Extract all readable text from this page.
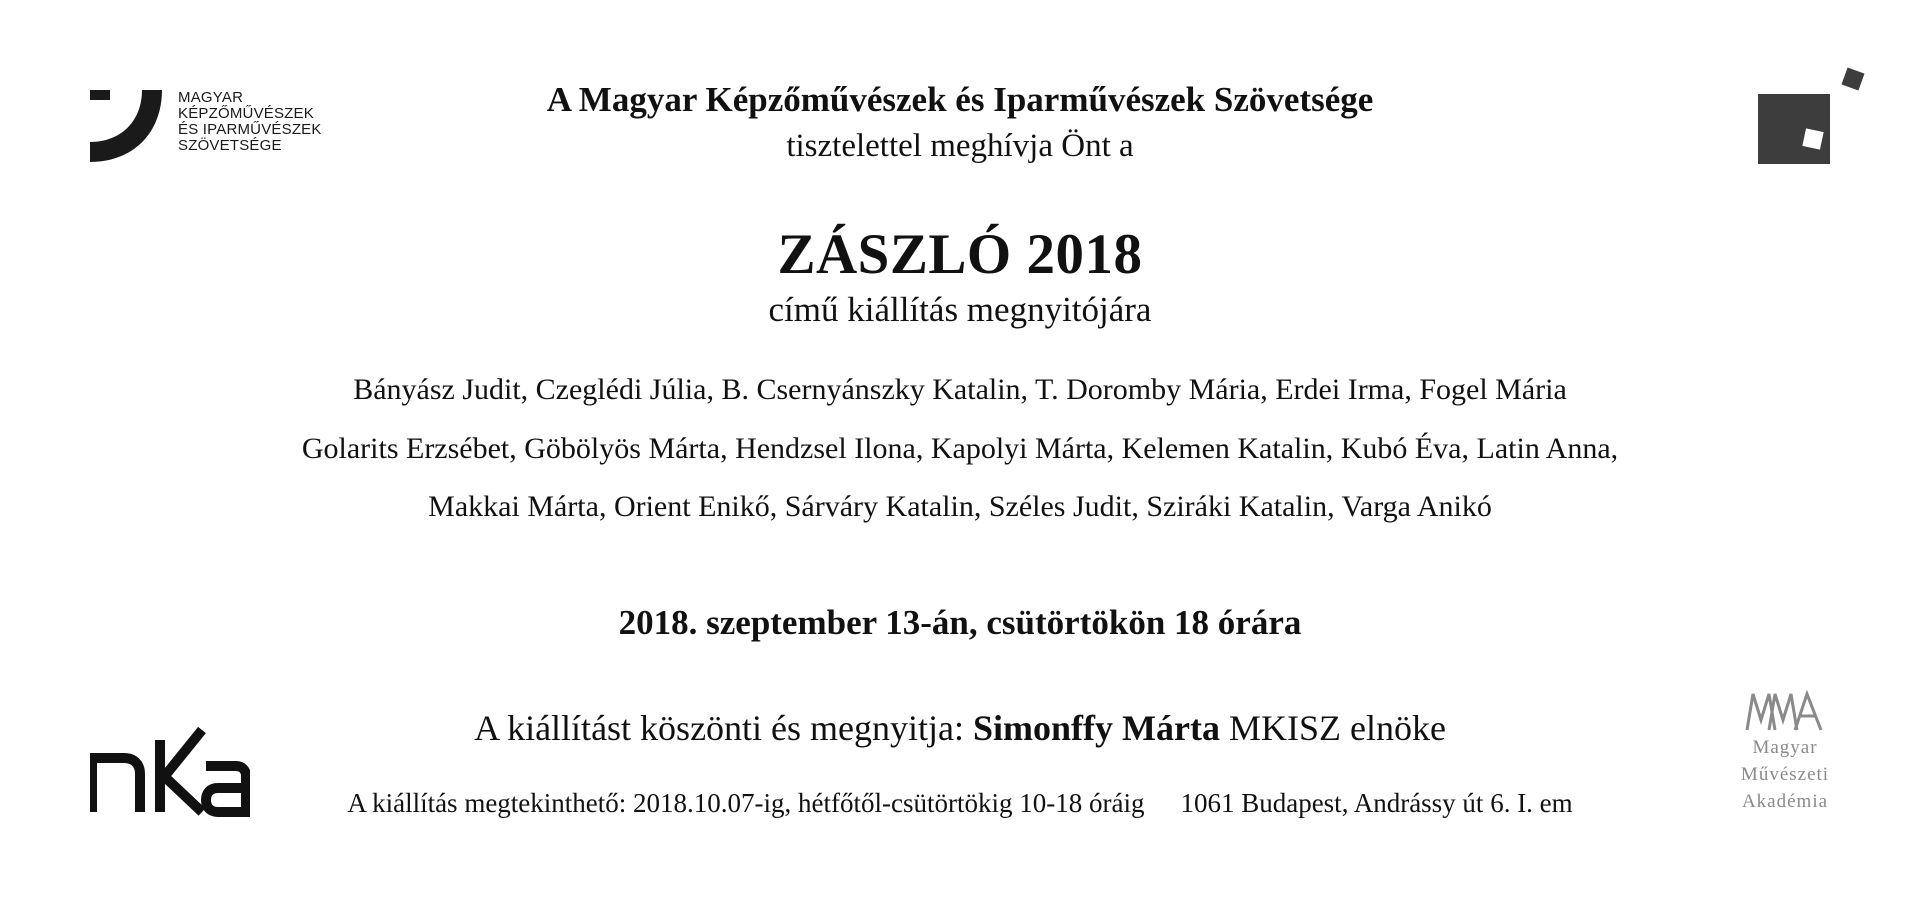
MAGYAR
KÉPZŐMŰVÉSZEK
ÉS IPARMŰVÉSZEK
SZÖVETSÉGE
A Magyar Képzőművészek és Iparművészek Szövetsége
tisztelettel meghívja Önt a
ZÁSZLÓ 2018
című kiállítás megnyitójára
Bányász Judit, Czeglédi Júlia, B. Csernyánszky Katalin, T. Doromby Mária, Erdei Irma, Fogel Mária
Golarits Erzsébet, Göbölyös Márta, Hendzsel Ilona, Kapolyi Márta, Kelemen Katalin, Kubó Éva, Latin Anna,
Makkai Márta, Orient Enikő, Sárváry Katalin, Széles Judit, Sziráki Katalin, Varga Anikó
2018. szeptember 13-án, csütörtökön 18 órára
A kiállítást köszönti és megnyitja: Simonffy Márta MKISZ elnöke
A kiállítás megtekinthető: 2018.10.07-ig, hétfőtől-csütörtökig 10-18 óráig 1061 Budapest, Andrássy út 6. I. em
Magyar
Művészeti
Akadémia
